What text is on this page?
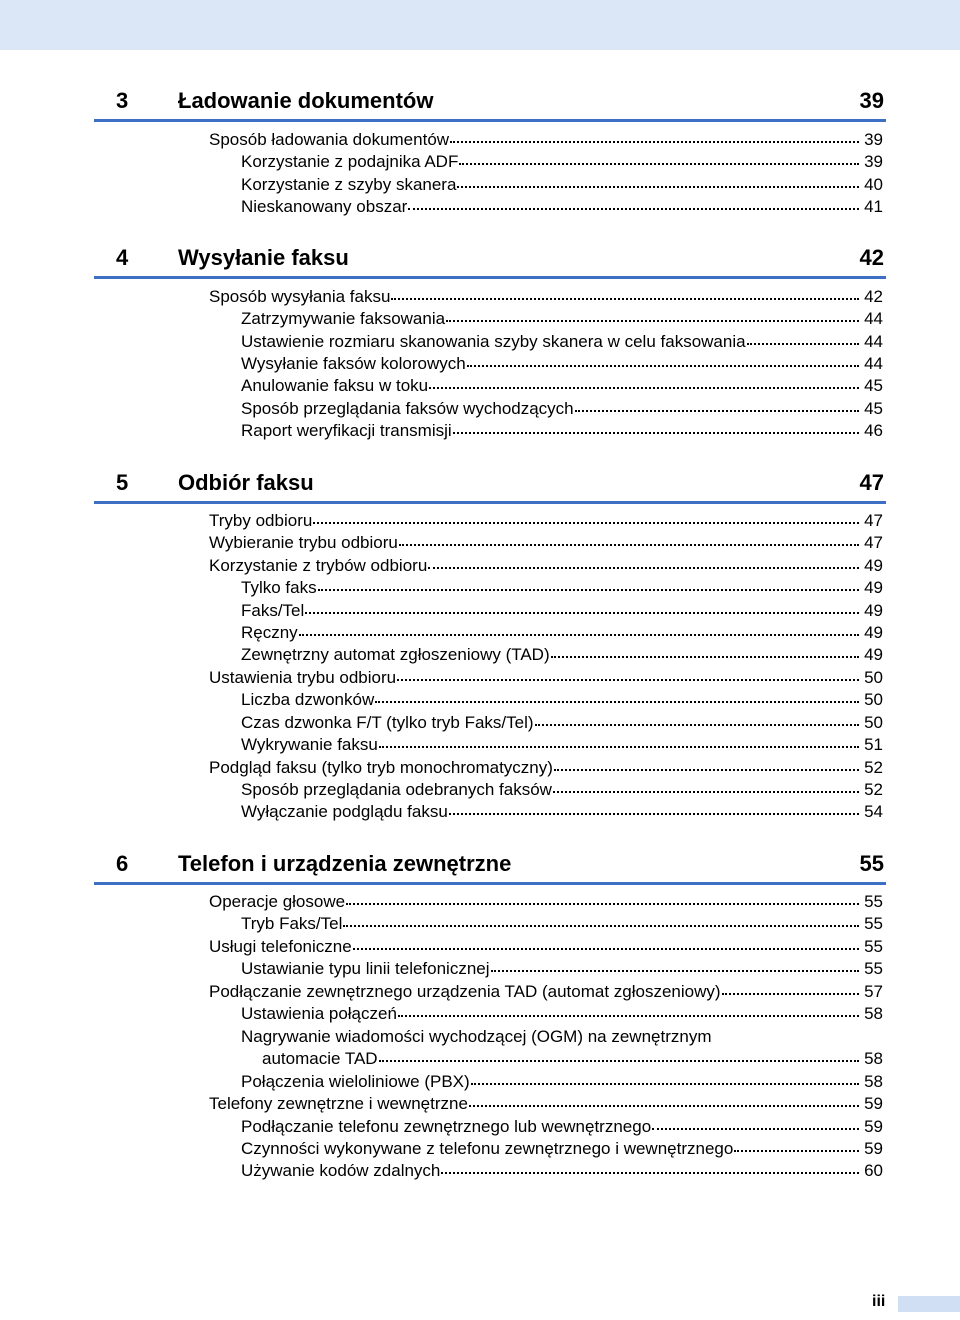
3 Ładowanie dokumentów	39
Sposób ładowania dokumentów	39
Korzystanie z podajnika ADF	39
Korzystanie z szyby skanera	40
Nieskanowany obszar	41
4 Wysyłanie faksu	42
Sposób wysyłania faksu	42
Zatrzymywanie faksowania	44
Ustawienie rozmiaru skanowania szyby skanera w celu faksowania	44
Wysyłanie faksów kolorowych	44
Anulowanie faksu w toku	45
Sposób przeglądania faksów wychodzących	45
Raport weryfikacji transmisji	46
5 Odbiór faksu	47
Tryby odbioru	47
Wybieranie trybu odbioru	47
Korzystanie z trybów odbioru	49
Tylko faks	49
Faks/Tel	49
Ręczny	49
Zewnętrzny automat zgłoszeniowy (TAD)	49
Ustawienia trybu odbioru	50
Liczba dzwonków	50
Czas dzwonka F/T (tylko tryb Faks/Tel)	50
Wykrywanie faksu	51
Podgląd faksu (tylko tryb monochromatyczny)	52
Sposób przeglądania odebranych faksów	52
Wyłączanie podglądu faksu	54
6 Telefon i urządzenia zewnętrzne	55
Operacje głosowe	55
Tryb Faks/Tel	55
Usługi telefoniczne	55
Ustawianie typu linii telefonicznej	55
Podłączanie zewnętrznego urządzenia TAD (automat zgłoszeniowy)	57
Ustawienia połączeń	58
Nagrywanie wiadomości wychodzącej (OGM) na zewnętrznym
automacie TAD	58
Połączenia wieloliniowe (PBX)	58
Telefony zewnętrzne i wewnętrzne	59
Podłączanie telefonu zewnętrznego lub wewnętrznego	59
Czynności wykonywane z telefonu zewnętrznego i wewnętrznego	59
Używanie kodów zdalnych	60
iii
